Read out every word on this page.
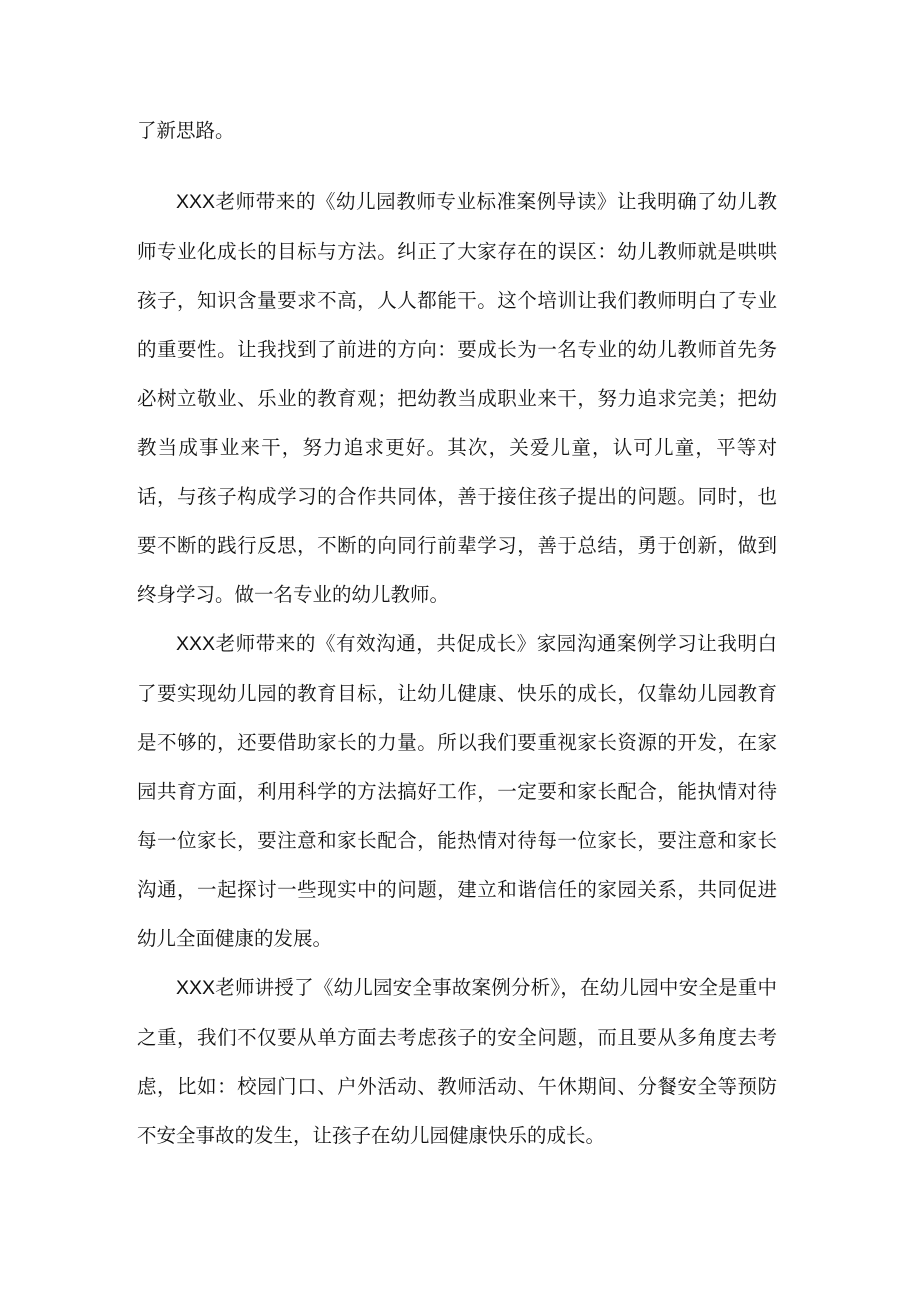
了新思路。

XXX老师带来的《幼儿园教师专业标准案例导读》让我明确了幼儿教师专业化成长的目标与方法。纠正了大家存在的误区：幼儿教师就是哄哄孩子，知识含量要求不高，人人都能干。这个培训让我们教师明白了专业的重要性。让我找到了前进的方向：要成长为一名专业的幼儿教师首先务必树立敬业、乐业的教育观；把幼教当成职业来干，努力追求完美；把幼教当成事业来干，努力追求更好。其次，关爱儿童，认可儿童，平等对话，与孩子构成学习的合作共同体，善于接住孩子提出的问题。同时，也要不断的践行反思，不断的向同行前辈学习，善于总结，勇于创新，做到终身学习。做一名专业的幼儿教师。

XXX老师带来的《有效沟通，共促成长》家园沟通案例学习让我明白了要实现幼儿园的教育目标，让幼儿健康、快乐的成长，仅靠幼儿园教育是不够的，还要借助家长的力量。所以我们要重视家长资源的开发，在家园共育方面，利用科学的方法搞好工作，一定要和家长配合，能执情对待每一位家长，要注意和家长配合，能热情对待每一位家长，要注意和家长沟通，一起探讨一些现实中的问题，建立和谐信任的家园关系，共同促进幼儿全面健康的发展。

XXX老师讲授了《幼儿园安全事故案例分析》，在幼儿园中安全是重中之重，我们不仅要从单方面去考虑孩子的安全问题，而且要从多角度去考虑，比如：校园门口、户外活动、教师活动、午休期间、分餐安全等预防不安全事故的发生，让孩子在幼儿园健康快乐的成长。
